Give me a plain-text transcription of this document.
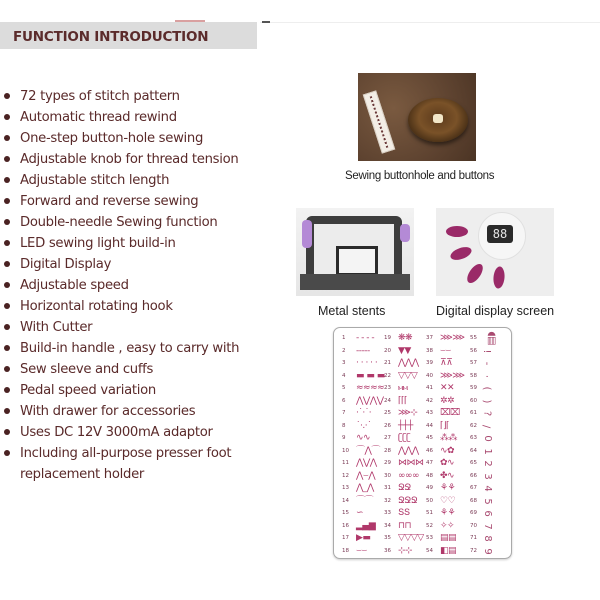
FUNCTION INTRODUCTION
72 types of stitch pattern
Automatic thread rewind
One-step button-hole sewing
Adjustable knob for thread tension
Adjustable stitch length
Forward and reverse sewing
Double-needle Sewing function
LED sewing light build-in
Digital Display
Adjustable speed
Horizontal rotating hook
With Cutter
Build-in handle , easy to carry with
Sew sleeve and cuffs
Pedal speed variation
With drawer for accessories
Uses DC 12V 3000mA adaptor
Including all-purpose presser foot replacement holder
Sewing buttonhole and buttons
Metal stents
88
Digital display screen
1 - - - -
2 -----
3 · · · · ·
4 ▬ ▬ ▬
5 ≈≈≈≈
6 ⋀⋁⋀⋁
7 ·˙·˙·
8 ˙·.·˙
9 ∿∿
10 ⌒⋀⌒
11 ⋀⋁⋀
12 ⋀⌣⋀
13 ⋀_⋀
14 ⌒⌒
15 ∽
16 ▂▄▆
17 ▶▬
18 ⌣⌣
19 ❋❋
20 ▼▼
21 ⋀⋀⋀
22 ▽▽▽
23 ⲙⲙ
24 ⌈⌈⌈
25 ⋙⊹
26 ┼┼┼
27 ʗʗʗ
28 ⋀⋀⋀
29 ⋈⋈⋈
30 ∞∞∞
31 ՋՋ
32 ՋՋՋ
33 ՏՏ
34 ⊓⊓
35 ▽▽▽▽
36 ⊹⊹
37 ⋙⋙
38 ⌣⌣
39 ⊼⊼
40 ⋙⋙
41 ✕✕
42 ✲✲
43 ⌧⌧
44 ⌈⌋⌈
45 ⁂⁂
46 ∿✿
47 ✿∿
48 ✤∿
49 ⚘⚘
50 ♡♡
51 ⚘⚘
52 ✧✧
53 ▤▤
54 ◧▤
55 ◖▤
56 !
57 -
58 ·
59 (
60 )
61 ?
62 /
63 0
64 1
65 2
66 3
67 4
68 5
69 6
70 7
71 8
72 9
